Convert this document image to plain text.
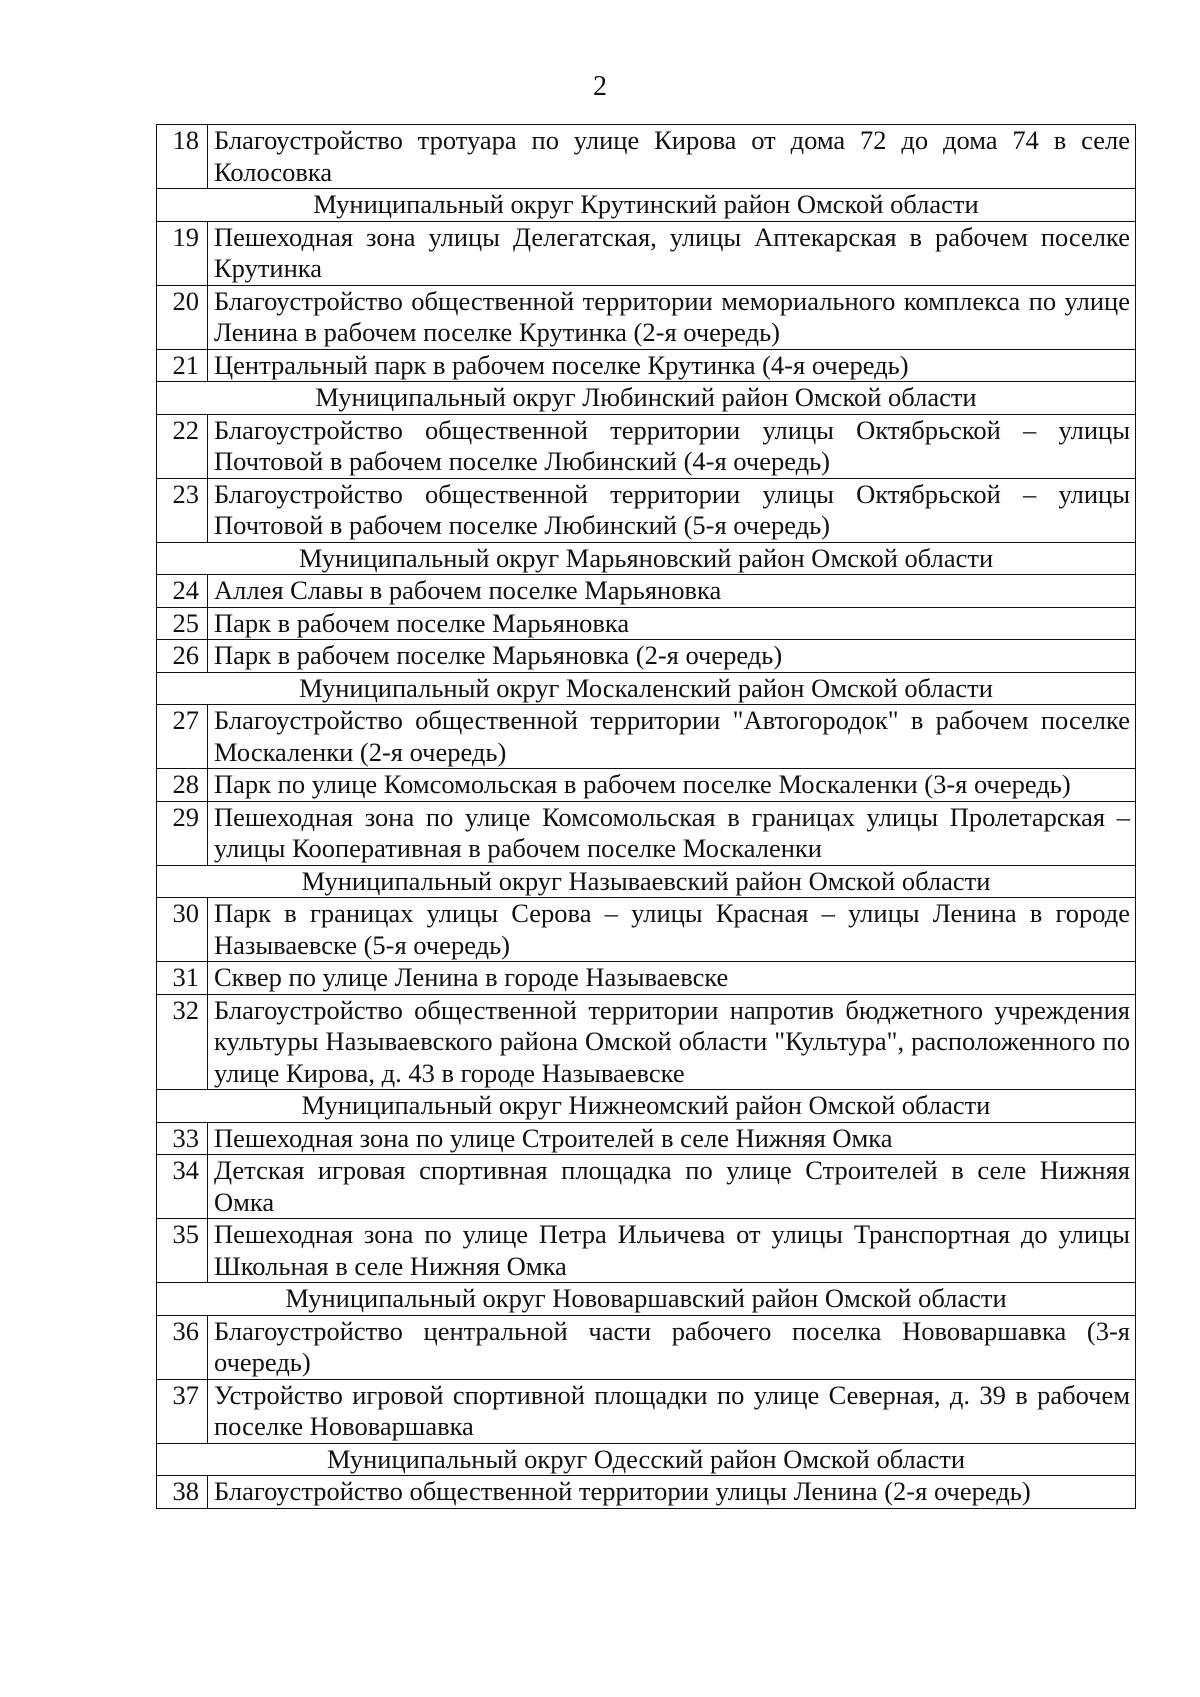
2
18	Благоустройство тротуара по улице Кирова от дома 72 до дома 74 в селе Колосовка
Муниципальный округ Крутинский район Омской области	
19	Пешеходная зона улицы Делегатская, улицы Аптекарская в рабочем поселке Крутинка
20	Благоустройство общественной территории мемориального комплекса по улице Ленина в рабочем поселке Крутинка (2-я очередь)
21	Центральный парк в рабочем поселке Крутинка (4-я очередь)
Муниципальный округ Любинский район Омской области	
22	Благоустройство общественной территории улицы Октябрьской – улицы Почтовой в рабочем поселке Любинский (4-я очередь)
23	Благоустройство общественной территории улицы Октябрьской – улицы Почтовой в рабочем поселке Любинский (5-я очередь)
Муниципальный округ Марьяновский район Омской области	
24	Аллея Славы в рабочем поселке Марьяновка
25	Парк в рабочем поселке Марьяновка
26	Парк в рабочем поселке Марьяновка (2-я очередь)
Муниципальный округ Москаленский район Омской области	
27	Благоустройство общественной территории "Автогородок" в рабочем поселке Москаленки (2-я очередь)
28	Парк по улице Комсомольская в рабочем поселке Москаленки (3-я очередь)
29	Пешеходная зона по улице Комсомольская в границах улицы Пролетарская – улицы Кооперативная в рабочем поселке Москаленки
Муниципальный округ Называевский район Омской области	
30	Парк в границах улицы Серова – улицы Красная – улицы Ленина в городе Называевске (5-я очередь)
31	Сквер по улице Ленина в городе Называевске
32	Благоустройство общественной территории напротив бюджетного учреждения культуры Называевского района Омской области "Культура", расположенного по улице Кирова, д. 43 в городе Называевске
Муниципальный округ Нижнеомский район Омской области	
33	Пешеходная зона по улице Строителей в селе Нижняя Омка
34	Детская игровая спортивная площадка по улице Строителей в селе Нижняя Омка
35	Пешеходная зона по улице Петра Ильичева от улицы Транспортная до улицы Школьная в селе Нижняя Омка
Муниципальный округ Нововаршавский район Омской области	
36	Благоустройство центральной части рабочего поселка Нововаршавка (3-я очередь)
37	Устройство игровой спортивной площадки по улице Северная, д. 39 в рабочем поселке Нововаршавка
Муниципальный округ Одесский район Омской области	
38	Благоустройство общественной территории улицы Ленина (2-я очередь)
